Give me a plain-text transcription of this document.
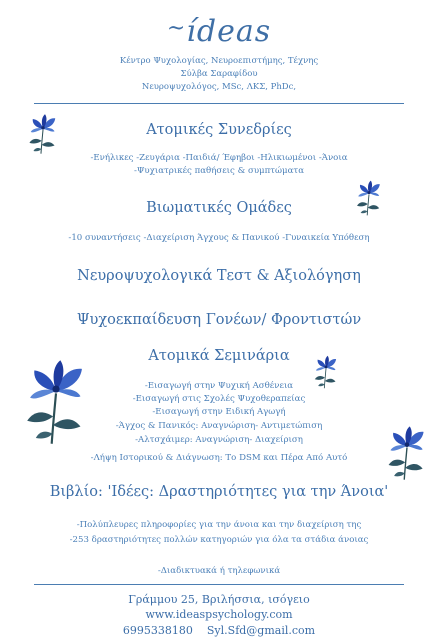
~ídeas
Κέντρο Ψυχολογίας, Νευροεπιστήμης, Τέχνης
Σύλβα Σαραφίδου
Νευροψυχολόγος, MSc, ΛΚΣ, PhDc,
Ατομικές Συνεδρίες
-Ενήλικες -Ζευγάρια -Παιδιά/ Έφηβοι -Ηλικιωμένοι -Άνοια
-Ψυχιατρικές παθήσεις & συμπτώματα
Βιωματικές Ομάδες
-10 συναντήσεις -Διαχείριση Άγχους & Πανικού -Γυναικεία Υπόθεση
Νευροψυχολογικά Τεστ & Αξιολόγηση
Ψυχοεκπαίδευση Γονέων/ Φροντιστών
Ατομικά Σεμινάρια
-Εισαγωγή στην Ψυχική Ασθένεια
-Εισαγωγή στις Σχολές Ψυχοθεραπείας
-Εισαγωγή στην Ειδική Αγωγή
-Άγχος & Πανικός: Αναγνώριση- Αντιμετώπιση
-Αλτσχάιμερ: Αναγνώριση- Διαχείριση
-Λήψη Ιστορικού & Διάγνωση: Το DSM και Πέρα Από Αυτό
Βιβλίο: 'Ιδέες: Δραστηριότητες για την Άνοια'
-Πολύπλευρες πληροφορίες για την άνοια και την διαχείριση της
-253 δραστηριότητες πολλών κατηγοριών για όλα τα στάδια άνοιας
-Διαδικτυακά ή τηλεφωνικά
Γράμμου 25, Βριλήσσια, ισόγειο
www.ideaspsychology.com
6995338180 Syl.Sfd@gmail.com
